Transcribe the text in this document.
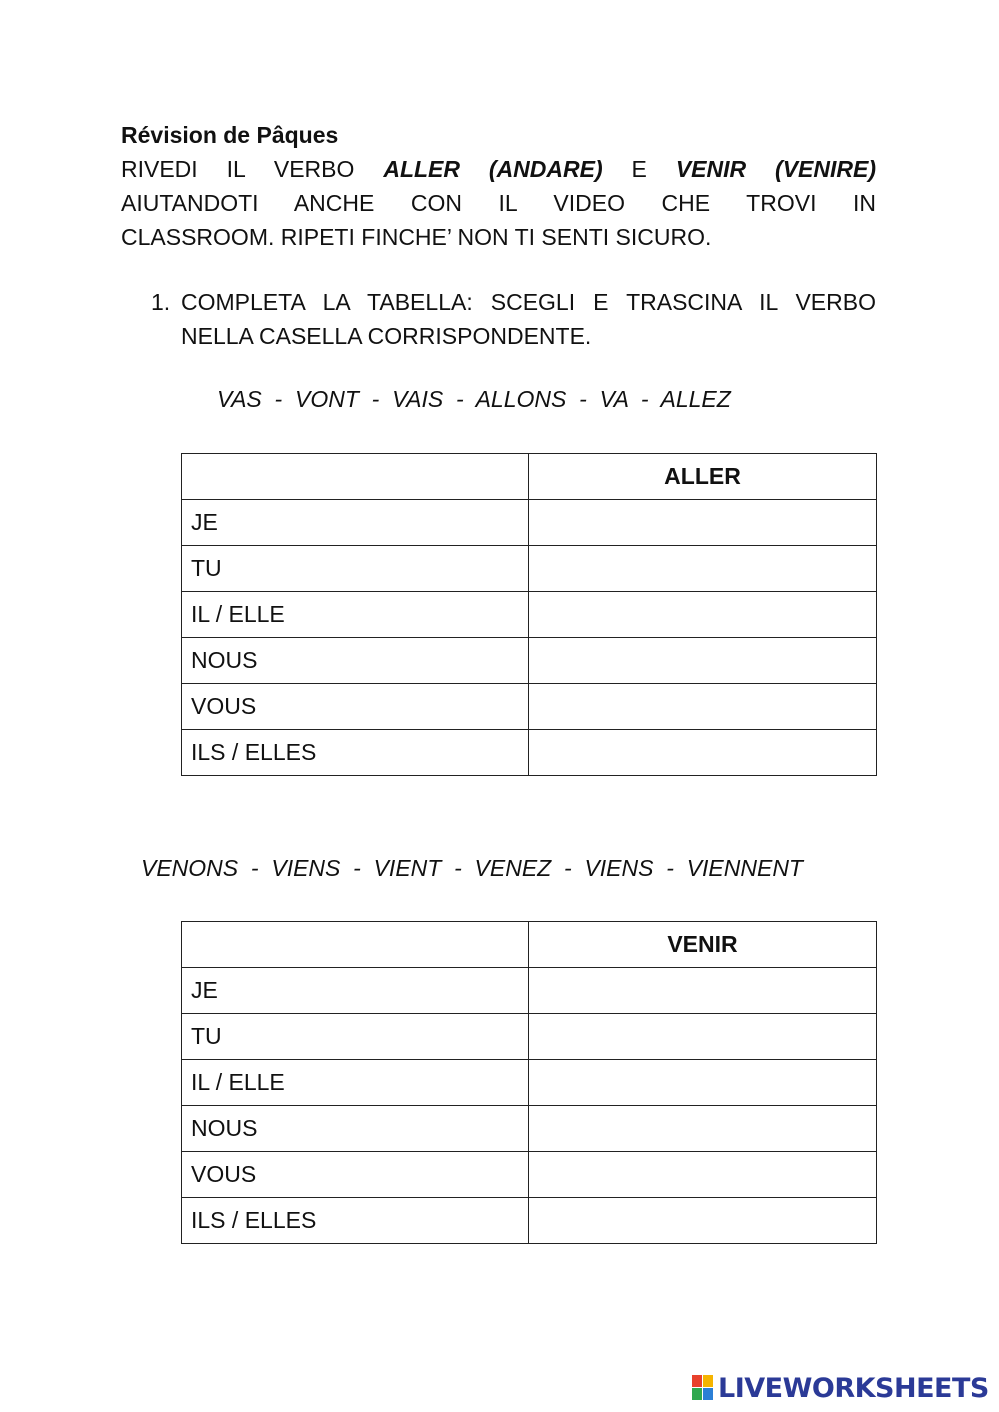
Révision de Pâques
RIVEDI IL VERBO ALLER (ANDARE) E VENIR (VENIRE)
AIUTANDOTI ANCHE CON IL VIDEO CHE TROVI IN
CLASSROOM. RIPETI FINCHE’ NON TI SENTI SICURO.
1. COMPLETA LA TABELLA: SCEGLI E TRASCINA IL VERBO
NELLA CASELLA CORRISPONDENTE.
VAS  -  VONT  -  VAIS  -  ALLONS  -  VA  -  ALLEZ
	ALLER
JE	
TU	
IL / ELLE	
NOUS	
VOUS	
ILS / ELLES	
VENONS  -  VIENS  -  VIENT  -  VENEZ  -  VIENS  -  VIENNENT
	VENIR
JE	
TU	
IL / ELLE	
NOUS	
VOUS	
ILS / ELLES	
LIVEWORKSHEETS
